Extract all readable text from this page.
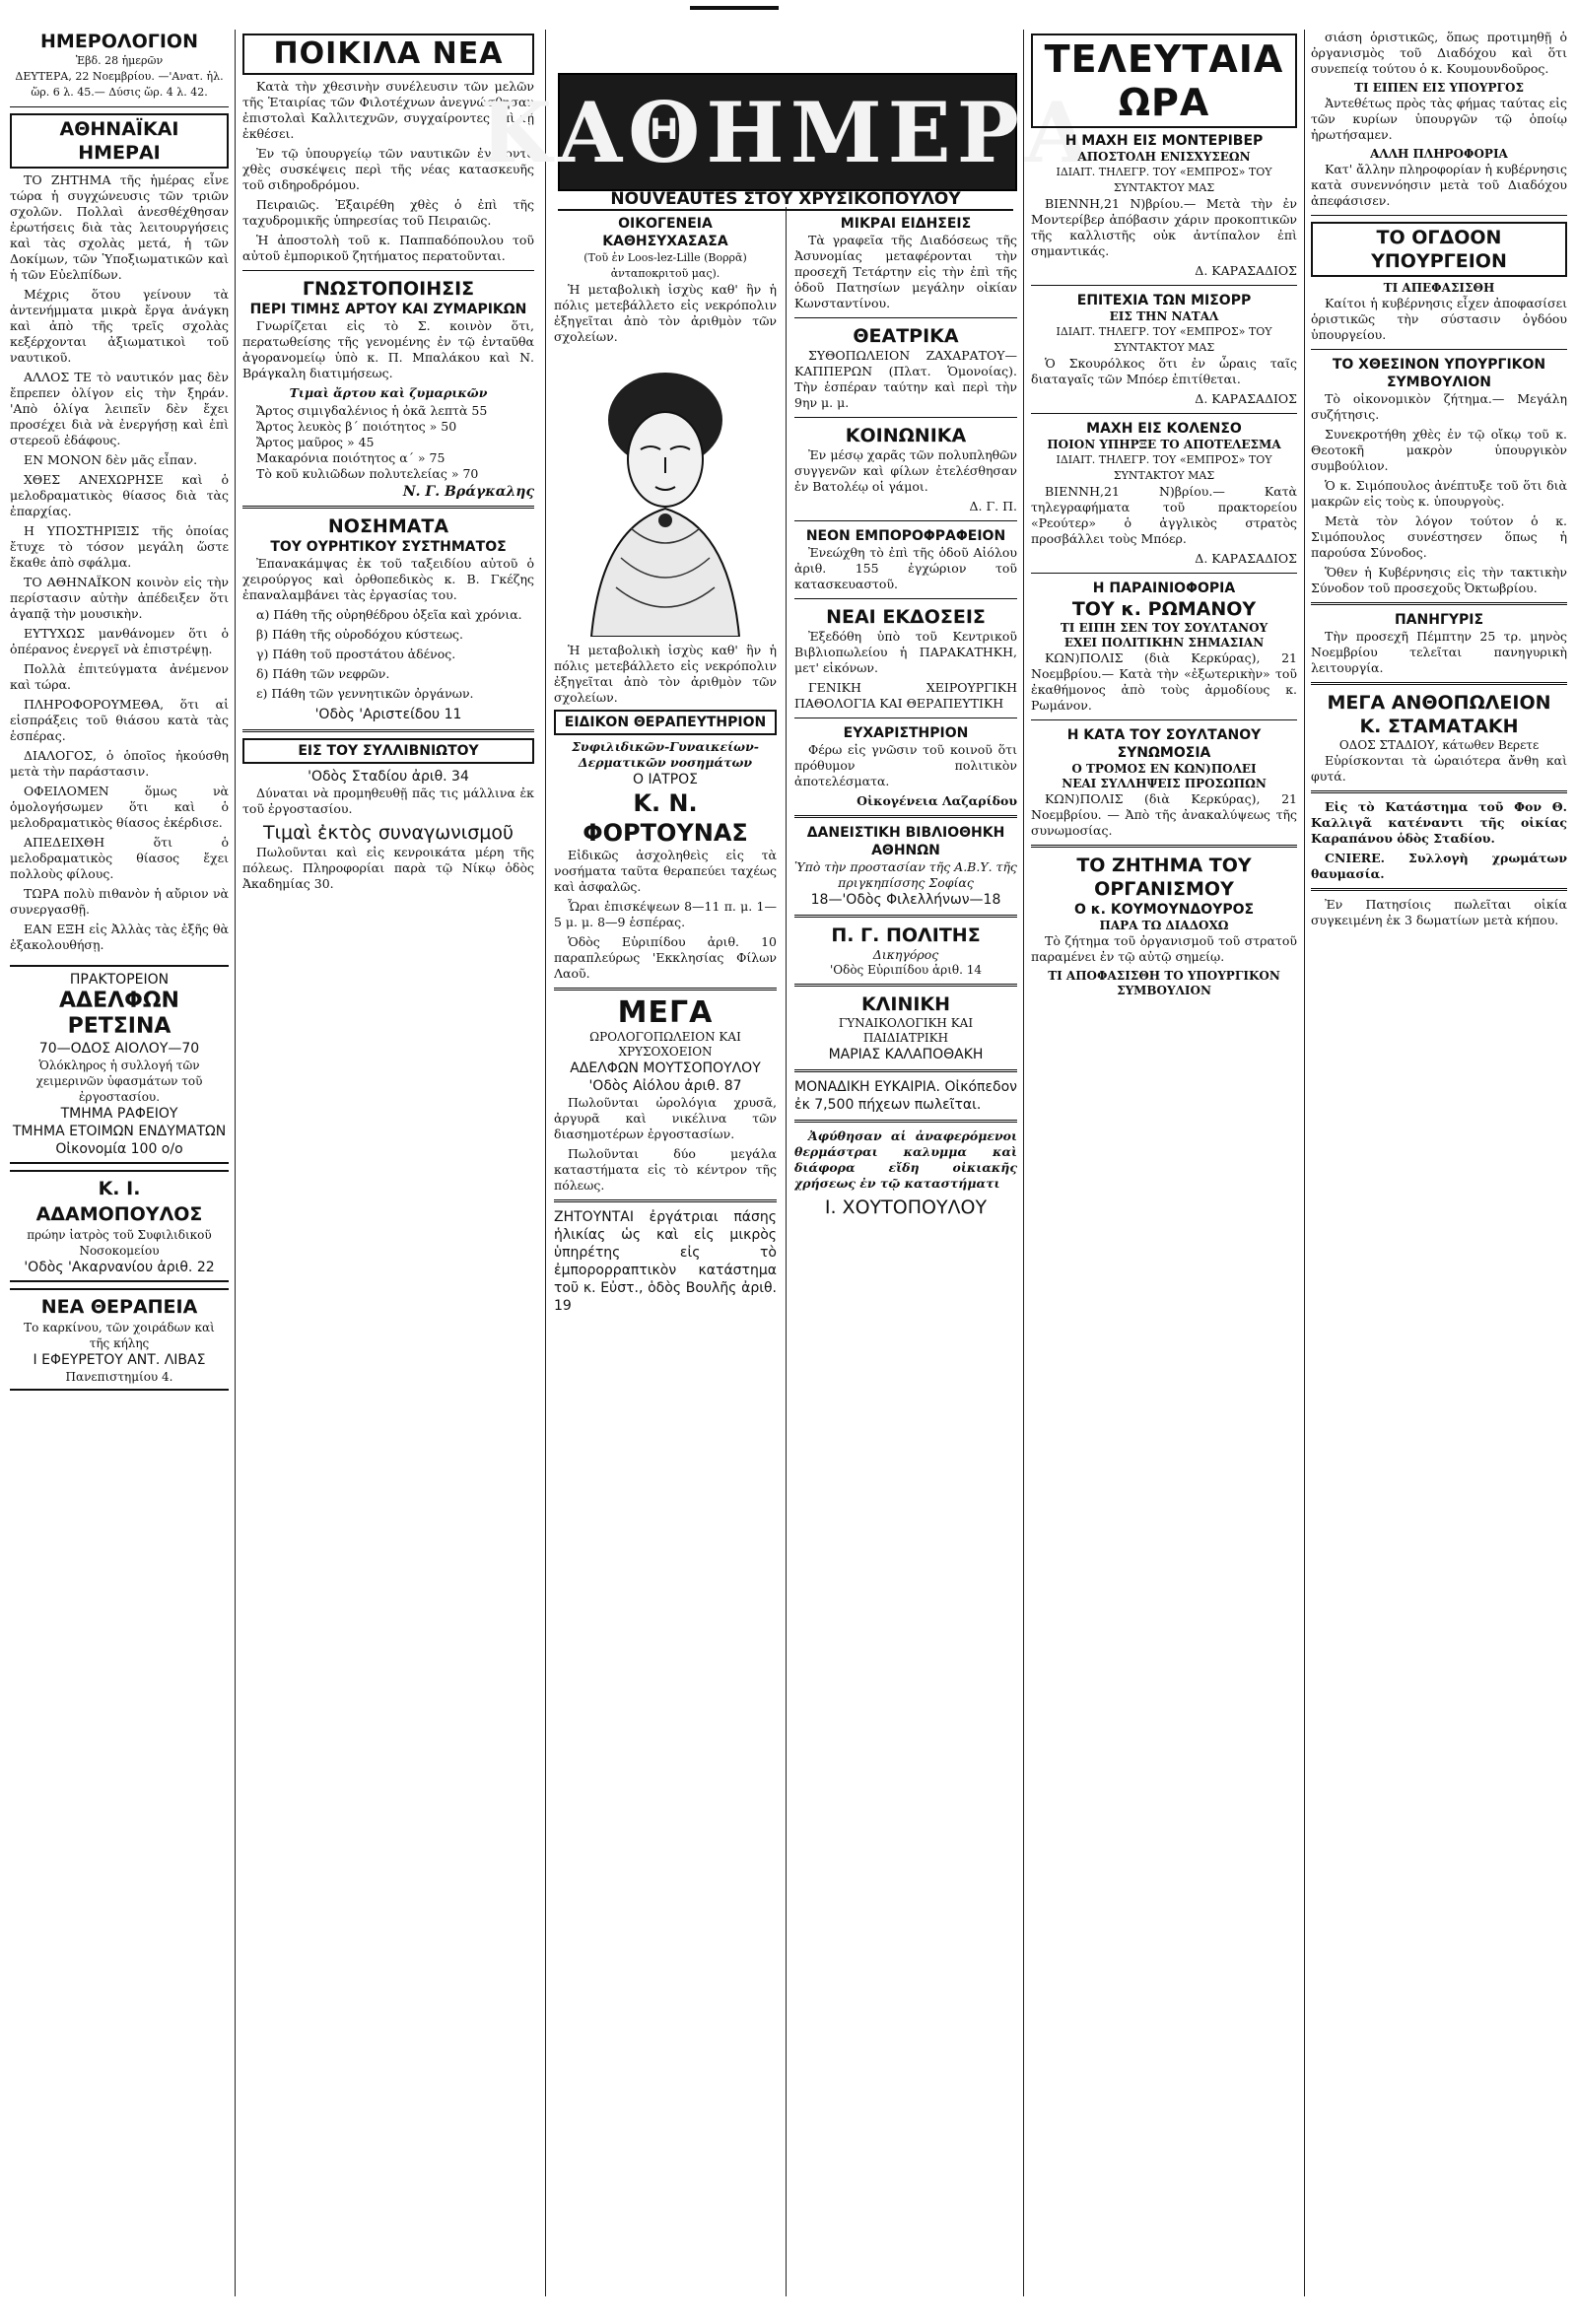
ΗΜΕΡΟΛΟΓΙΟΝ
Ἑβδ. 28 ἡμερῶν
ΔΕΥΤΕΡΑ, 22 Νοεμβρίου. —'Ανατ. ἡλ. ὥρ. 6 λ. 45.— Δύσις ὥρ. 4 λ. 42.
ΑΘΗΝΑΪΚΑΙ ΗΜΕΡΑΙ

ΤΟ ΖΗΤΗΜΑ τῆς ἡμέρας εἶνε τώρα ἡ συγχώνευσις τῶν τριῶν σχολῶν. Πολλαὶ ἀνεσθέχθησαν ἐρωτήσεις διὰ τὰς λειτουργήσεις καὶ τὰς σχολὰς μετά, ἡ τῶν Δοκίμων, τῶν Ὑποξιωματικῶν καὶ ἡ τῶν Εὐελπίδων.

Μέχρις ὅτου γείνουν τὰ ἀντενήμματα μικρὰ ἔργα ἀνάγκη καὶ ἀπὸ τῆς τρεῖς σχολὰς κεξέρχονται ἀξιωματικοὶ τοῦ ναυτικοῦ.

ΑΛΛΟΣ ΤΕ τὸ ναυτικόν μας δὲν ἔπρεπεν ὀλίγον εἰς τὴν ξηράν. 'Απὸ ὁλίγα λειπεῖν δὲν ἔχει προσέχει διὰ νὰ ἐνεργήσῃ καὶ ἐπὶ στερεοῦ ἐδάφους.

ΕΝ ΜΟΝΟΝ δὲν μᾶς εἶπαν.

ΧΘΕΣ ΑΝΕΧΩΡΗΣΕ καὶ ὁ μελοδραματικὸς θίασος διὰ τὰς ἐπαρχίας.

Η ΥΠΟΣΤΗΡΙΞΙΣ τῆς ὁποίας ἔτυχε τὸ τόσον μεγάλη ὥστε ἔκαθε ἀπὸ σφάλμα.

ΤΟ ΑΘΗΝΑΪΚΟΝ κοινὸν εἰς τὴν περίστασιν αὐτὴν ἀπέδειξεν ὅτι ἀγαπᾷ τὴν μουσικὴν.

ΕΥΤΥΧΩΣ μανθάνομεν ὅτι ὁ ὀπέρανος ἐνεργεῖ νὰ ἐπιστρέψῃ.

Πολλὰ ἐπιτεύγματα ἀνέμενον καὶ τώρα.

ΠΛΗΡΟΦΟΡΟΥΜΕΘΑ, ὅτι αἱ εἰσπράξεις τοῦ θιάσου κατὰ τὰς ἑσπέρας.

ΔΙΑΛΟΓΟΣ, ὁ ὁποῖος ἠκούσθη μετὰ τὴν παράστασιν.

ΟΦΕΙΛΟΜΕΝ ὅμως νὰ ὁμολογήσωμεν ὅτι καὶ ὁ μελοδραματικὸς θίασος ἐκέρδισε.

ΑΠΕΔΕΙΧΘΗ ὅτι ὁ μελοδραματικὸς θίασος ἔχει πολλοὺς φίλους.

ΤΩΡΑ πολὺ πιθανὸν ἡ αὔριον νὰ συνεργασθῇ.

ΕΑΝ ΕΞΗ εἰς Ἀλλὰς τὰς ἐξῆς θὰ ἐξακολουθήσῃ.

ΠΡΑΚΤΟΡΕΙΟΝ
ΑΔΕΛΦΩΝ ΡΕΤΣΙΝΑ
70—ΟΔΟΣ ΑΙΟΛΟΥ—70
Ὁλόκληρος ἡ συλλογή τῶν χειμερινῶν ὑφασμάτων τοῦ ἐργοστασίου.
ΤΜΗΜΑ ΡΑΦΕΙΟΥ
ΤΜΗΜΑ ΕΤΟΙΜΩΝ ΕΝΔΥΜΑΤΩΝ
Οἰκονομία 100 ο/ο
Κ. Ι. ΑΔΑΜΟΠΟΥΛΟΣ
πρώην ἰατρὸς τοῦ Συφιλιδικοῦ Νοσοκομείου
'Οδὸς 'Ακαρνανίου ἀριθ. 22
ΝΕΑ ΘΕΡΑΠΕΙΑ
Το καρκίνου, τῶν χοιράδων καὶ τῆς κήλης
Ι ΕΦΕΥΡΕΤΟΥ ΑΝΤ. ΛΙΒΑΣ
Πανεπιστημίου 4.
ΠΟΙΚΙΛΑ ΝΕΑ

Κατὰ τὴν χθεσινὴν συνέλευσιν τῶν μελῶν τῆς Ἑταιρίας τῶν Φιλοτέχνων ἀνεγνώσθησαν ἐπιστολαὶ Καλλιτεχνῶν, συγχαίροντες ἐπὶ τῇ ἐκθέσει.

Ἐν τῷ ὑπουργείῳ τῶν ναυτικῶν ἐγένοντο χθὲς συσκέψεις περὶ τῆς νέας κατασκευῆς τοῦ σιδηροδρόμου.

Πειραιῶς. Ἐξαιρέθη χθὲς ὁ ἐπὶ τῆς ταχυδρομικῆς ὑπηρεσίας τοῦ Πειραιῶς.

Ἡ ἀποστολὴ τοῦ κ. Παππαδόπουλου τοῦ αὐτοῦ ἐμπορικοῦ ζητήματος περατοῦνται.

ΓΝΩΣΤΟΠΟΙΗΣΙΣ
ΠΕΡΙ ΤΙΜΗΣ ΑΡΤΟΥ ΚΑΙ ΖΥΜΑΡΙΚΩΝ

Γνωρίζεται εἰς τὸ Σ. κοινὸν ὅτι, περατωθείσης τῆς γενομένης ἐν τῷ ἐνταῦθα ἀγορανομείῳ ὑπὸ κ. Π. Μπαλάκου καὶ Ν. Βράγκαλη διατιμήσεως.

Τιμαὶ ἄρτου καὶ ζυμαρικῶν
Ἄρτος σιμιγδαλένιος ἡ ὀκᾶ λεπτὰ 55
Ἄρτος λευκὸς β΄ ποιότητος » 50
Ἄρτος μαῦρος » 45
Μακαρόνια ποιότητος α΄ » 75
Τὸ κοῦ κυλιῶδων πολυτελείας » 70
Ν. Γ. Βράγκαλης
ΝΟΣΗΜΑΤΑ
ΤΟΥ ΟΥΡΗΤΙΚΟΥ ΣΥΣΤΗΜΑΤΟΣ

Ἐπανακάμψας ἐκ τοῦ ταξειδίου αὐτοῦ ὁ χειρούργος καὶ ὀρθοπεδικὸς κ. Β. Γκέζης ἐπαναλαμβάνει τὰς ἐργασίας του.

α) Πάθη τῆς οὐρηθέδρου ὀξεῖα καὶ χρόνια.

β) Πάθη τῆς οὐροδόχου κύστεως.

γ) Πάθη τοῦ προστάτου ἀδένος.

δ) Πάθη τῶν νεφρῶν.

ε) Πάθη τῶν γεννητικῶν ὀργάνων.

'Οδὸς 'Αριστείδου 11
ΕΙΣ ΤΟΥ ΣΥΛΛΙΒΝΙΩΤΟΥ
'Οδὸς Σταδίου ἀριθ. 34

Δύναται νὰ προμηθευθῇ πᾶς τις μάλλινα ἐκ τοῦ ἐργοστασίου.

Τιμαὶ ἐκτὸς συναγωνισμοῦ

Πωλοῦνται καὶ εἰς κενροικάτα μέρη τῆς πόλεως. Πληροφορίαι παρὰ τῷ Νίκῳ ὁδὸς Ἀκαδημίας 30.

ΚΑΘΗΜΕΡΑ
NOUVEAUTES ΣΤΟΥ ΧΡΥΣΙΚΟΠΟΥΛΟΥ
ΟΙΚΟΓΕΝΕΙΑ ΚΑΘΗΣΥΧΑΣΑΣΑ
(Τοῦ ἐν Loos-lez-Lille (Βορρᾶ) ἀνταποκριτοῦ μας).

Ἡ μεταβολικὴ ἰσχὺς καθ' ἣν ἡ πόλις μετεβάλλετο εἰς νεκρόπολιν ἐξηγεῖται ἀπὸ τὸν ἀριθμὸν τῶν σχολείων.

Ἡ μεταβολικὴ ἰσχὺς καθ' ἣν ἡ πόλις μετεβάλλετο εἰς νεκρόπολιν ἐξηγεῖται ἀπὸ τὸν ἀριθμὸν τῶν σχολείων.

ΕΙΔΙΚΟΝ ΘΕΡΑΠΕΥΤΗΡΙΟΝ
Συφιλιδικῶν-Γυναικείων-Δερματικῶν νοσημάτων
Ο ΙΑΤΡΟΣ
Κ. Ν. ΦΟΡΤΟΥΝΑΣ

Εἰδικῶς ἀσχοληθεὶς εἰς τὰ νοσήματα ταῦτα θεραπεύει ταχέως καὶ ἀσφαλῶς.

Ὧραι ἐπισκέψεων 8—11 π. μ. 1—5 μ. μ. 8—9 ἑσπέρας.

Ὁδὸς Εὐριπίδου ἀριθ. 10 παραπλεύρως 'Εκκλησίας Φίλων Λαοῦ.

ΜΕΓΑ
ΩΡΟΛΟΓΟΠΩΛΕΙΟΝ ΚΑΙ ΧΡΥΣΟΧΟΕΙΟΝ
ΑΔΕΛΦΩΝ ΜΟΥΤΣΟΠΟΥΛΟΥ
'Οδὸς Αἰόλου ἀριθ. 87

Πωλοῦνται ὡρολόγια χρυσᾶ, ἀργυρᾶ καὶ νικέλινα τῶν διασημοτέρων ἐργοστασίων.

Πωλοῦνται δύο μεγάλα καταστήματα εἰς τὸ κέντρον τῆς πόλεως.

ΖΗΤΟΥΝΤΑΙ ἐργάτριαι πάσης ἡλικίας ὡς καὶ εἰς μικρὸς ὑπηρέτης εἰς τὸ ἐμπορορραπτικὸν κατάστημα τοῦ κ. Εὐστ., ὁδὸς Βουλῆς ἀριθ. 19

ΜΙΚΡΑΙ ΕΙΔΗΣΕΙΣ

Τὰ γραφεῖα τῆς Διαδόσεως τῆς Ἀσυνομίας μεταφέρονται τὴν προσεχῆ Τετάρτην εἰς τὴν ἐπὶ τῆς ὁδοῦ Πατησίων μεγάλην οἰκίαν Κωνσταντίνου.

ΘΕΑΤΡΙΚΑ

ΣΥΘΟΠΩΛΕΙΟΝ ΖΑΧΑΡΑΤΟΥ—ΚΑΠΠΕΡΩΝ (Πλατ. Ὁμονοίας). Τὴν ἑσπέραν ταύτην καὶ περὶ τὴν 9ην μ. μ.

ΚΟΙΝΩΝΙΚΑ

Ἐν μέσῳ χαρᾶς τῶν πολυπληθῶν συγγενῶν καὶ φίλων ἐτελέσθησαν ἐν Βατολέῳ οἱ γάμοι.

Δ. Γ. Π.
ΝΕΟΝ ΕΜΠΟΡΟΦΡΑΦΕΙΟΝ

Ἐνεώχθη τὸ ἐπὶ τῆς ὁδοῦ Αἰόλου ἀριθ. 155 ἐγχώριον τοῦ κατασκευαστοῦ.

ΝΕΑΙ ΕΚΔΟΣΕΙΣ

Ἐξεδόθη ὑπὸ τοῦ Κεντρικοῦ Βιβλιοπωλείου ἡ ΠΑΡΑΚΑΤΗΚΗ, μετ' εἰκόνων.

ΓΕΝΙΚΗ ΧΕΙΡΟΥΡΓΙΚΗ ΠΑΘΟΛΟΓΙΑ ΚΑΙ ΘΕΡΑΠΕΥΤΙΚΗ

ΕΥΧΑΡΙΣΤΗΡΙΟΝ

Φέρω εἰς γνῶσιν τοῦ κοινοῦ ὅτι πρόθυμον πολιτικὸν ἀποτελέσματα.

Οἰκογένεια Λαζαρίδου
ΔΑΝΕΙΣΤΙΚΗ ΒΙΒΛΙΟΘΗΚΗ ΑΘΗΝΩΝ
Ὑπὸ τὴν προστασίαν τῆς Α.Β.Υ. τῆς πριγκηπίσσης Σοφίας
18—'Οδὸς Φιλελλήνων—18
Π. Γ. ΠΟΛΙΤΗΣ
Δικηγόρος
'Οδὸς Εὐριπίδου ἀριθ. 14
ΚΛΙΝΙΚΗ
ΓΥΝΑΙΚΟΛΟΓΙΚΗ ΚΑΙ ΠΑΙΔΙΑΤΡΙΚΗ
ΜΑΡΙΑΣ ΚΑΛΑΠΟΘΑΚΗ

ΜΟΝΑΔΙΚΗ ΕΥΚΑΙΡΙΑ. Οἰκόπεδον ἐκ 7,500 πήχεων πωλεῖται.

Ἀφύθησαν αἱ ἀναφερόμενοι θερμάστραι καλυμμα καὶ διάφορα εἴδη οἰκιακῆς χρήσεως ἐν τῷ καταστήματι

Ι. ΧΟΥΤΟΠΟΥΛΟΥ
ΤΕΛΕΥΤΑΙΑ ΩΡΑ
Η ΜΑΧΗ ΕΙΣ ΜΟΝΤΕΡΙΒΕΡ
ΑΠΟΣΤΟΛΗ ΕΝΙΣΧΥΣΕΩΝ
ΙΔΙΑΙΤ. ΤΗΛΕΓΡ. ΤΟΥ «ΕΜΠΡΟΣ» ΤΟΥ ΣΥΝΤΑΚΤΟΥ ΜΑΣ

ΒΙΕΝΝΗ,21 Ν)βρίου.— Μετὰ τὴν ἐν Μοντερίβερ ἀπόβασιν χάριν προκοπτικῶν τῆς καλλιστῆς οὐκ ἀντίπαλον ἐπὶ σημαντικάς.

Δ. ΚΑΡΑΣΑΔΙΟΣ
ΕΠΙΤΕΧΙΑ ΤΩΝ ΜΙΣΟΡΡ
ΕΙΣ ΤΗΝ ΝΑΤΑΛ
ΙΔΙΑΙΤ. ΤΗΛΕΓΡ. ΤΟΥ «ΕΜΠΡΟΣ» ΤΟΥ ΣΥΝΤΑΚΤΟΥ ΜΑΣ

Ὁ Σκουρόλκος ὅτι ἐν ὧραις ταῖς διαταγαῖς τῶν Μπόερ ἐπιτίθεται.

Δ. ΚΑΡΑΣΑΔΙΟΣ
ΜΑΧΗ ΕΙΣ ΚΟΛΕΝΣΟ
ΠΟΙΟΝ ΥΠΗΡΞΕ ΤΟ ΑΠΟΤΕΛΕΣΜΑ
ΙΔΙΑΙΤ. ΤΗΛΕΓΡ. ΤΟΥ «ΕΜΠΡΟΣ» ΤΟΥ ΣΥΝΤΑΚΤΟΥ ΜΑΣ

ΒΙΕΝΝΗ,21 Ν)βρίου.— Κατὰ τηλεγραφήματα τοῦ πρακτορείου «Ρεούτερ» ὁ ἀγγλικὸς στρατὸς προσβάλλει τοὺς Μπόερ.

Δ. ΚΑΡΑΣΑΔΙΟΣ
Η ΠΑΡΑΙΝΙΟΦΟΡΙΑ
ΤΟΥ κ. ΡΩΜΑΝΟΥ
ΤΙ ΕΙΠΗ ΣΕΝ ΤΟΥ ΣΟΥΛΤΑΝΟΥ
ΕΧΕΙ ΠΟΛΙΤΙΚΗΝ ΣΗΜΑΣΙΑΝ

ΚΩΝ)ΠΟΛΙΣ (διὰ Κερκύρας), 21 Νοεμβρίου.— Κατὰ τὴν «ἐξωτερικὴν» τοῦ ἐκαθήμονος ἀπὸ τοὺς ἀρμοδίους κ. Ρωμάνον.

Η ΚΑΤΑ ΤΟΥ ΣΟΥΛΤΑΝΟΥ ΣΥΝΩΜΟΣΙΑ
Ο ΤΡΟΜΟΣ ΕΝ ΚΩΝ)ΠΟΛΕΙ
ΝΕΑΙ ΣΥΛΛΗΨΕΙΣ ΠΡΟΣΩΠΩΝ

ΚΩΝ)ΠΟΛΙΣ (διὰ Κερκύρας), 21 Νοεμβρίου. — Ἀπὸ τῆς ἀνακαλύψεως τῆς συνωμοσίας.

ΤΟ ΖΗΤΗΜΑ ΤΟΥ ΟΡΓΑΝΙΣΜΟΥ
Ο κ. ΚΟΥΜΟΥΝΔΟΥΡΟΣ
ΠΑΡΑ ΤΩ ΔΙΑΔΟΧΩ

Τὸ ζήτημα τοῦ ὀργανισμοῦ τοῦ στρατοῦ παραμένει ἐν τῷ αὐτῷ σημείῳ.

ΤΙ ΑΠΟΦΑΣΙΣΘΗ ΤΟ ΥΠΟΥΡΓΙΚΟΝ ΣΥΜΒΟΥΛΙΟΝ

σιάση ὁριστικῶς, ὅπως προτιμηθῇ ὁ ὀργανισμὸς τοῦ Διαδόχου καὶ ὅτι συνεπείᾳ τούτου ὁ κ. Κουμουνδοῦρος.

ΤΙ ΕΙΠΕΝ ΕΙΣ ΥΠΟΥΡΓΟΣ

Ἀντεθέτως πρὸς τὰς φήμας ταύτας εἰς τῶν κυρίων ὑπουργῶν τῷ ὁποίῳ ἠρωτήσαμεν.

ΑΛΛΗ ΠΛΗΡΟΦΟΡΙΑ

Κατ' ἄλλην πληροφορίαν ἡ κυβέρνησις κατὰ συνεννόησιν μετὰ τοῦ Διαδόχου ἀπεφάσισεν.

ΤΟ ΟΓΔΟΟΝ ΥΠΟΥΡΓΕΙΟΝ
ΤΙ ΑΠΕΦΑΣΙΣΘΗ

Καίτοι ἡ κυβέρνησις εἶχεν ἀποφασίσει ὁριστικῶς τὴν σύστασιν ὀγδόου ὑπουργείου.

ΤΟ ΧΘΕΣΙΝΟΝ ΥΠΟΥΡΓΙΚΟΝ ΣΥΜΒΟΥΛΙΟΝ

Τὸ οἰκονομικὸν ζήτημα.— Μεγάλη συζήτησις.

Συνεκροτήθη χθὲς ἐν τῷ οἴκῳ τοῦ κ. Θεοτοκῆ μακρὸν ὑπουργικὸν συμβούλιον.

Ὁ κ. Σιμόπουλος ἀνέπτυξε τοῦ ὅτι διὰ μακρῶν εἰς τοὺς κ. ὑπουργοὺς.

Μετὰ τὸν λόγον τούτον ὁ κ. Σιμόπουλος συνέστησεν ὅπως ἡ παρούσα Σύνοδος.

Ὅθεν ἡ Κυβέρνησις εἰς τὴν τακτικὴν Σύνοδον τοῦ προσεχοῦς Ὀκτωβρίου.

ΠΑΝΗΓΥΡΙΣ

Τὴν προσεχῆ Πέμπτην 25 τρ. μηνὸς Νοεμβρίου τελεῖται πανηγυρικὴ λειτουργία.

ΜΕΓΑ ΑΝΘΟΠΩΛΕΙΟΝ
Κ. ΣΤΑΜΑΤΑΚΗ
ΟΔΟΣ ΣΤΑΔΙΟΥ, κάτωθεν Βερετε

Εὑρίσκονται τὰ ὡραιότερα ἄνθη καὶ φυτά.

Εἰς τὸ Κατάστημα τοῦ Φον Θ. Καλλιγᾶ κατέναντι τῆς οἰκίας Καραπάνου ὁδὸς Σταδίου.

CNIERE. Συλλογὴ χρωμάτων θαυμασία.

Ἐν Πατησίοις πωλεῖται οἰκία συγκειμένη ἐκ 3 δωματίων μετὰ κήπου.
